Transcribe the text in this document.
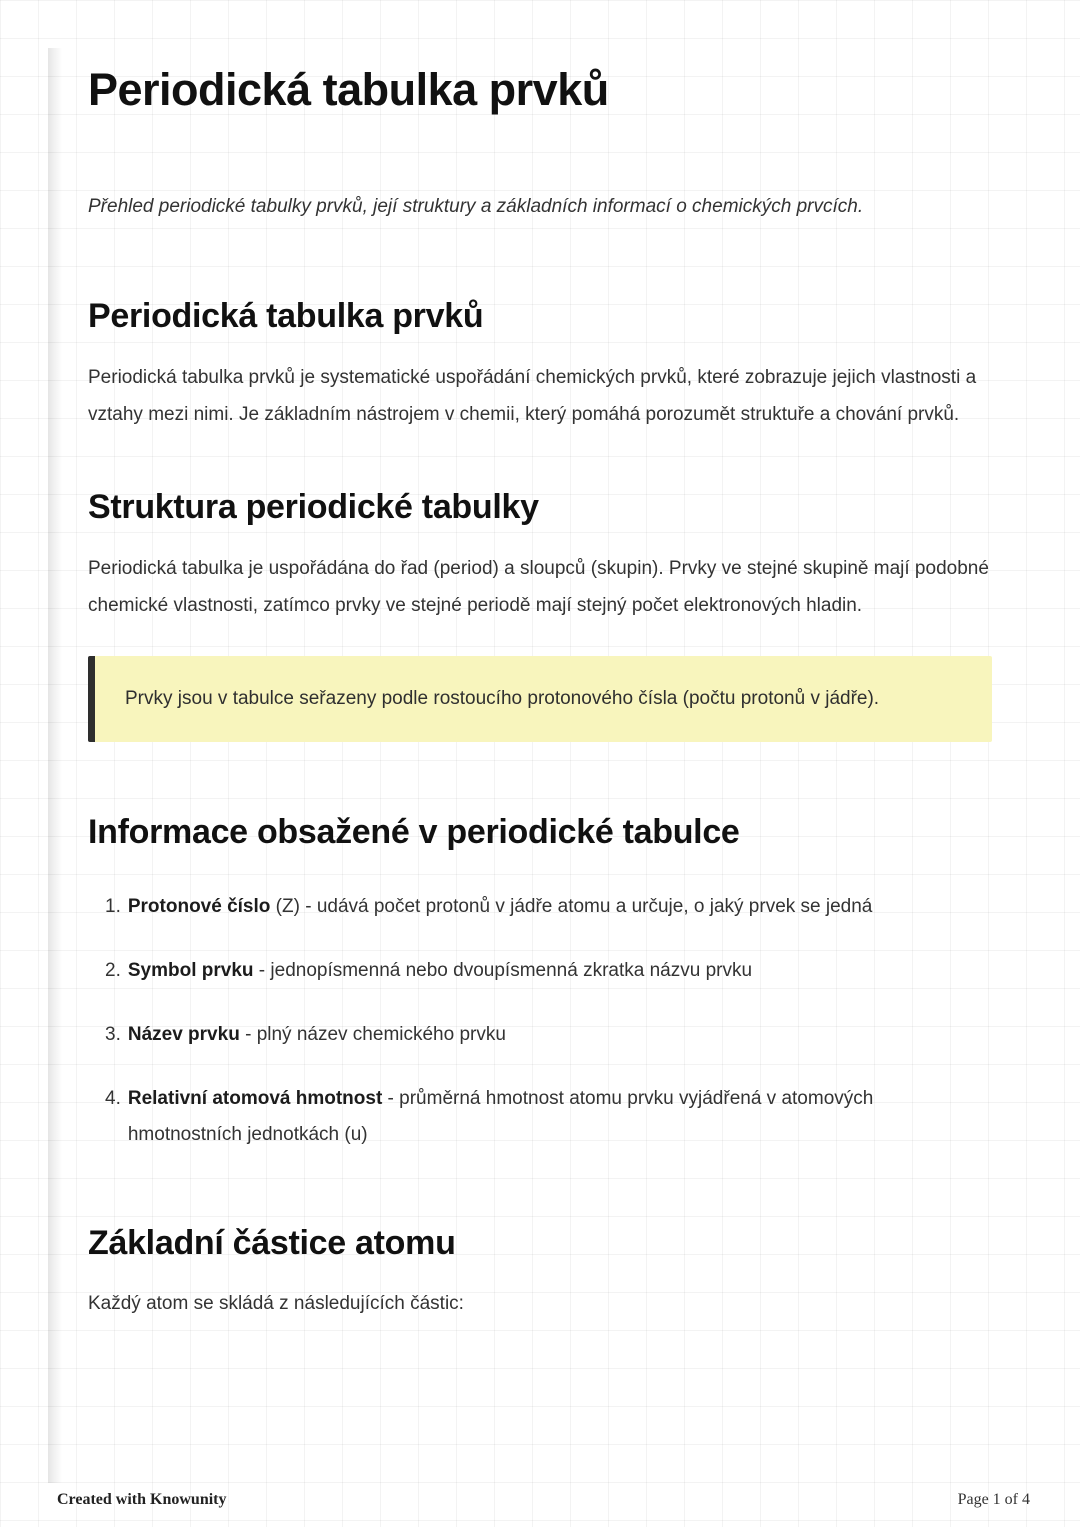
Periodická tabulka prvků

Přehled periodické tabulky prvků, její struktury a základních informací o chemických prvcích.

Periodická tabulka prvků

Periodická tabulka prvků je systematické uspořádání chemických prvků, které zobrazuje jejich vlastnosti a vztahy mezi nimi. Je základním nástrojem v chemii, který pomáhá porozumět struktuře a chování prvků.

Struktura periodické tabulky

Periodická tabulka je uspořádána do řad (period) a sloupců (skupin). Prvky ve stejné skupině mají podobné chemické vlastnosti, zatímco prvky ve stejné periodě mají stejný počet elektronových hladin.

Prvky jsou v tabulce seřazeny podle rostoucího protonového čísla (počtu protonů v jádře).

Informace obsažené v periodické tabulce
1. Protonové číslo (Z) - udává počet protonů v jádře atomu a určuje, o jaký prvek se jedná
2. Symbol prvku - jednopísmenná nebo dvoupísmenná zkratka názvu prvku
3. Název prvku - plný název chemického prvku
4. Relativní atomová hmotnost - průměrná hmotnost atomu prvku vyjádřená v atomových hmotnostních jednotkách (u)
Základní částice atomu

Každý atom se skládá z následujících částic:

Created with Knowunity	Page 1 of 4
